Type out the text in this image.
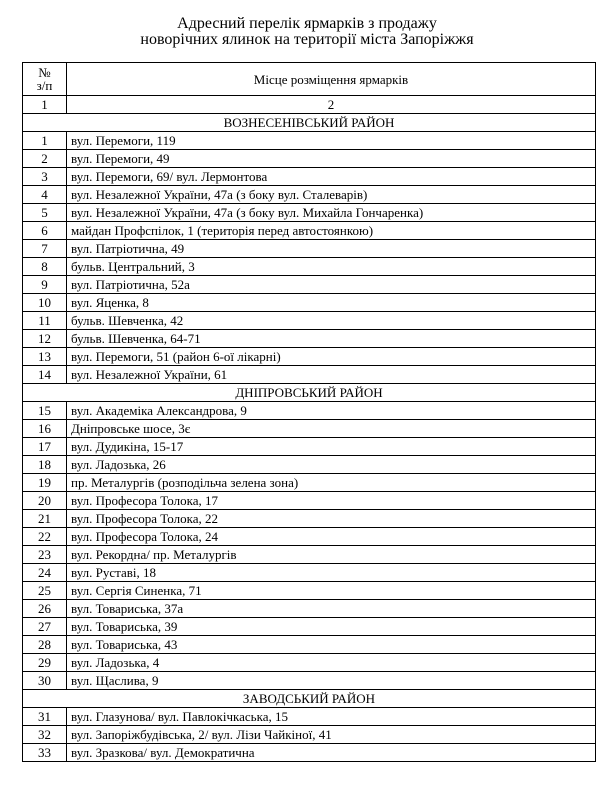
Адресний перелік ярмарків з продажу
новорічних ялинок на території міста Запоріжжя
№
з/п	Місце розміщення ярмарків
1	2
ВОЗНЕСЕНІВСЬКИЙ РАЙОН	
1	вул. Перемоги, 119
2	вул. Перемоги, 49
3	вул. Перемоги, 69/ вул. Лермонтова
4	вул. Незалежної України, 47а (з боку вул. Сталеварів)
5	вул. Незалежної України, 47а (з боку вул. Михайла Гончаренка)
6	майдан Профспілок, 1 (територія перед автостоянкою)
7	вул. Патріотична, 49
8	бульв. Центральний, 3
9	вул. Патріотична, 52а
10	вул. Яценка, 8
11	бульв. Шевченка, 42
12	бульв. Шевченка, 64-71
13	вул. Перемоги, 51 (район 6-ої лікарні)
14	вул. Незалежної України, 61
ДНІПРОВСЬКИЙ РАЙОН	
15	вул. Академіка Александрова, 9
16	Дніпровське шосе, 3є
17	вул. Дудикіна, 15-17
18	вул. Ладозька, 26
19	пр. Металургів (розподільча зелена зона)
20	вул. Професора Толока, 17
21	вул. Професора Толока, 22
22	вул. Професора Толока, 24
23	вул. Рекордна/ пр. Металургів
24	вул. Руставі, 18
25	вул. Сергія Синенка, 71
26	вул. Товариська, 37а
27	вул. Товариська, 39
28	вул. Товариська, 43
29	вул. Ладозька, 4
30	вул. Щаслива, 9
ЗАВОДСЬКИЙ РАЙОН	
31	вул. Глазунова/ вул. Павлокічкаська, 15
32	вул. Запоріжбудівська, 2/ вул. Лізи Чайкіної, 41
33	вул. Зразкова/ вул. Демократична
